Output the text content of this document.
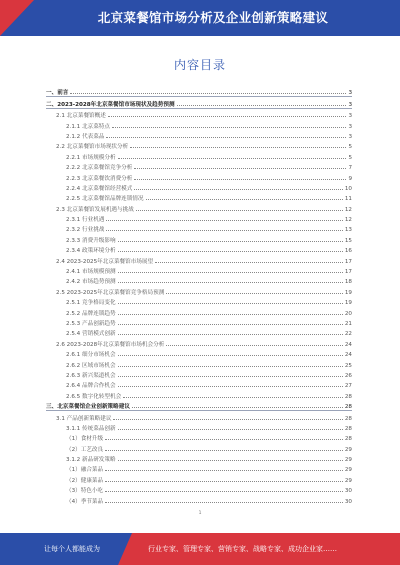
北京菜餐馆市场分析及企业创新策略建议
内容目录
一、前言	3
二、2023-2028年北京菜餐馆市场现状及趋势预测	3
2.1 北京菜餐馆概述	3
2.1.1 北京菜特点	3
2.1.2 代表菜品	3
2.2 北京菜餐馆市场现状分析	5
2.2.1 市场规模分析	5
2.2.2 北京菜餐馆竞争分析	7
2.2.3 北京菜餐饮消费分析	9
2.2.4 北京菜餐馆经营模式	10
2.2.5 北京菜餐馆品牌连锁情况	11
2.3 北京菜餐馆发展机遇与挑战	12
2.3.1 行业机遇	12
2.3.2 行业挑战	13
2.3.3 消费升级影响	15
2.3.4 政策环境分析	16
2.4 2023-2025年北京菜餐馆市场展望	17
2.4.1 市场规模预测	17
2.4.2 市场趋势预测	18
2.5 2023-2025年北京菜餐馆竞争格局预测	19
2.5.1 竞争格局变化	19
2.5.2 品牌连锁趋势	20
2.5.3 产品创新趋势	21
2.5.4 营销模式创新	22
2.6 2023-2028年北京菜餐馆市场机会分析	24
2.6.1 细分市场机会	24
2.6.2 区域市场机会	25
2.6.3 新兴渠道机会	26
2.6.4 品牌合作机会	27
2.6.5 数字化转型机会	28
三、北京菜餐馆企业创新策略建议	28
3.1 产品创新策略建议	28
3.1.1 传统菜品创新	28
（1）食材升级	28
（2）工艺改良	29
3.1.2 新品研发策略	29
（1）融合菜品	29
（2）健康菜品	29
（3）特色小吃	30
（4）季节菜品	30
1
让每个人都能成为	行业专家、管理专家、营销专家、战略专家、成功企业家……
